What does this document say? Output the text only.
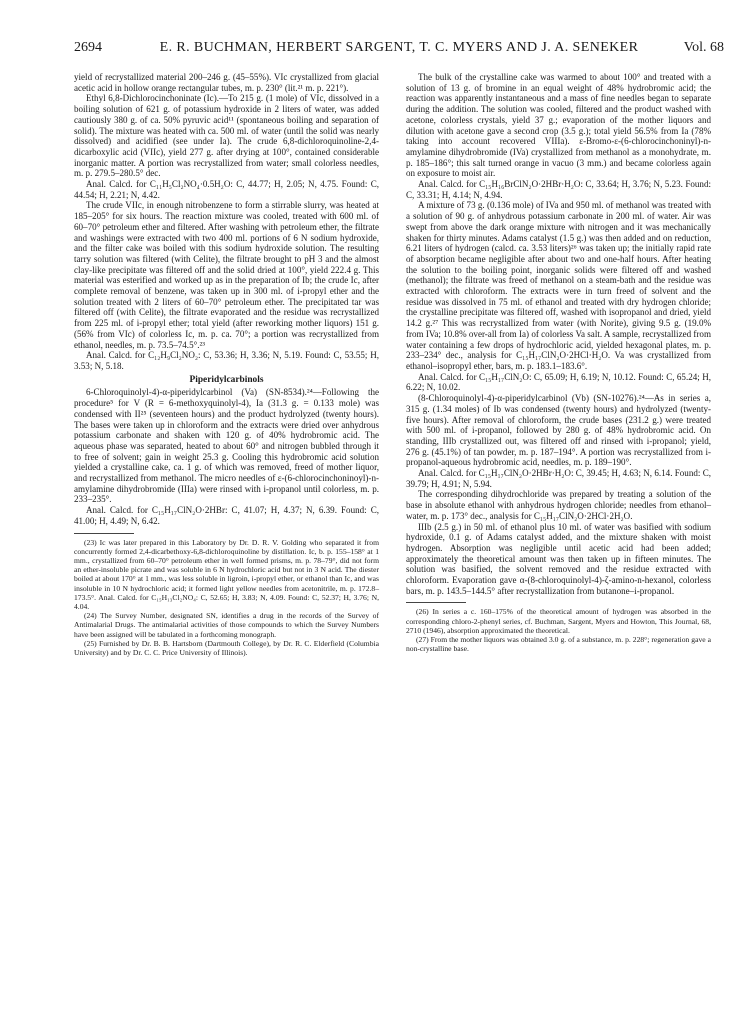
2694	E. R. BUCHMAN, HERBERT SARGENT, T. C. MYERS AND J. A. SENEKER	Vol. 68

yield of recrystallized material 200–246 g. (45–55%). VIc crystallized from glacial acetic acid in hollow orange rectangular tubes, m. p. 230° (lit.²¹ m. p. 221°).

Ethyl 6,8-Dichlorocinchoninate (Ic).—To 215 g. (1 mole) of VIc, dissolved in a boiling solution of 621 g. of potassium hydroxide in 2 liters of water, was added cautiously 380 g. of ca. 50% pyruvic acid¹¹ (spontaneous boiling and separation of solid). The mixture was heated with ca. 500 ml. of water (until the solid was nearly dissolved) and acidified (see under Ia). The crude 6,8-dichloroquinoline-2,4-dicarboxylic acid (VIIc), yield 277 g. after drying at 100°, contained considerable inorganic matter. A portion was recrystallized from water; small colorless needles, m. p. 279.5–280.5° dec.

Anal. Calcd. for C₁₁H₅Cl₂NO₄·0.5H₂O: C, 44.77; H, 2.05; N, 4.75. Found: C, 44.54; H, 2.21; N, 4.42.

The crude VIIc, in enough nitrobenzene to form a stirrable slurry, was heated at 185–205° for six hours. The reaction mixture was cooled, treated with 600 ml. of 60–70° petroleum ether and filtered. After washing with petroleum ether, the filtrate and washings were extracted with two 400 ml. portions of 6 N sodium hydroxide, and the filter cake was boiled with this sodium hydroxide solution. The resulting tarry solution was filtered (with Celite), the filtrate brought to pH 3 and the almost clay-like precipitate was filtered off and the solid dried at 100°, yield 222.4 g. This material was esterified and worked up as in the preparation of Ib; the crude Ic, after complete removal of benzene, was taken up in 300 ml. of i-propyl ether and the solution treated with 2 liters of 60–70° petroleum ether. The precipitated tar was filtered off (with Celite), the filtrate evaporated and the residue was recrystallized from 225 ml. of i-propyl ether; total yield (after reworking mother liquors) 151 g. (56% from VIc) of colorless Ic, m. p. ca. 70°; a portion was recrystallized from ethanol, needles, m. p. 73.5–74.5°.²³

Anal. Calcd. for C₁₂H₉Cl₂NO₂: C, 53.36; H, 3.36; N, 5.19. Found: C, 53.55; H, 3.53; N, 5.18.

Piperidylcarbinols

6-Chloroquinolyl-4)-α-piperidylcarbinol (Va) (SN-8534).²⁴—Following the procedure⁵ for V (R = 6-methoxyquinolyl-4), Ia (31.3 g. = 0.133 mole) was condensed with II²⁵ (seventeen hours) and the product hydrolyzed (twenty hours). The bases were taken up in chloroform and the extracts were dried over anhydrous potassium carbonate and shaken with 120 g. of 40% hydrobromic acid. The aqueous phase was separated, heated to about 60° and nitrogen bubbled through it to free of solvent; gain in weight 25.3 g. Cooling this hydrobromic acid solution yielded a crystalline cake, ca. 1 g. of which was removed, freed of mother liquor, and recrystallized from methanol. The micro needles of ε-(6-chlorocinchoninoyl)-n-amylamine dihydrobromide (IIIa) were rinsed with i-propanol until colorless, m. p. 233–235°.

Anal. Calcd. for C₁₅H₁₇ClN₂O·2HBr: C, 41.07; H, 4.37; N, 6.39. Found: C, 41.00; H, 4.49; N, 6.42.

(23) Ic was later prepared in this Laboratory by Dr. D. R. V. Golding who separated it from concurrently formed 2,4-dicarbethoxy-6,8-dichloroquinoline by distillation. Ic, b. p. 155–158° at 1 mm., crystallized from 60–70° petroleum ether in well formed prisms, m. p. 78–79°, did not form an ether-insoluble picrate and was soluble in 6 N hydrochloric acid but not in 3 N acid. The diester boiled at about 170° at 1 mm., was less soluble in ligroin, i-propyl ether, or ethanol than Ic, and was insoluble in 10 N hydrochloric acid; it formed light yellow needles from acetonitrile, m. p. 172.8–173.5°. Anal. Calcd. for C₁₅H₁₃Cl₂NO₄: C, 52.65; H, 3.83; N, 4.09. Found: C, 52.37; H, 3.76; N, 4.04.

(24) The Survey Number, designated SN, identifies a drug in the records of the Survey of Antimalarial Drugs. The antimalarial activities of those compounds to which the Survey Numbers have been assigned will be tabulated in a forthcoming monograph.

(25) Furnished by Dr. B. B. Hartsborn (Dartmouth College), by Dr. R. C. Elderfield (Columbia University) and by Dr. C. C. Price University of Illinois).

The bulk of the crystalline cake was warmed to about 100° and treated with a solution of 13 g. of bromine in an equal weight of 48% hydrobromic acid; the reaction was apparently instantaneous and a mass of fine needles began to separate during the addition. The solution was cooled, filtered and the product washed with acetone, colorless crystals, yield 37 g.; evaporation of the mother liquors and dilution with acetone gave a second crop (3.5 g.); total yield 56.5% from Ia (78% taking into account recovered VIIIa). ε-Bromo-ε-(6-chlorocinchoninyl)-n-amylamine dihydrobromide (IVa) crystallized from methanol as a monohydrate, m. p. 185–186°; this salt turned orange in vacuo (3 mm.) and became colorless again on exposure to moist air.

Anal. Calcd. for C₁₅H₁₆BrClN₂O·2HBr·H₂O: C, 33.64; H, 3.76; N, 5.23. Found: C, 33.31; H, 4.14; N, 4.94.

A mixture of 73 g. (0.136 mole) of IVa and 950 ml. of methanol was treated with a solution of 90 g. of anhydrous potassium carbonate in 200 ml. of water. Air was swept from above the dark orange mixture with nitrogen and it was mechanically shaken for thirty minutes. Adams catalyst (1.5 g.) was then added and on reduction, 6.21 liters of hydrogen (calcd. ca. 3.53 liters)²⁶ was taken up; the initially rapid rate of absorption became negligible after about two and one-half hours. After heating the solution to the boiling point, inorganic solids were filtered off and washed (methanol); the filtrate was freed of methanol on a steam-bath and the residue was extracted with chloroform. The extracts were in turn freed of solvent and the residue was dissolved in 75 ml. of ethanol and treated with dry hydrogen chloride; the crystalline precipitate was filtered off, washed with isopropanol and dried, yield 14.2 g.²⁷ This was recrystallized from water (with Norite), giving 9.5 g. (19.0% from IVa; 10.8% over-all from Ia) of colorless Va salt. A sample, recrystallized from water containing a few drops of hydrochloric acid, yielded hexagonal plates, m. p. 233–234° dec., analysis for C₁₅H₁₇ClN₂O·2HCl·H₂O. Va was crystallized from ethanol–isopropyl ether, bars, m. p. 183.1–183.6°.

Anal. Calcd. for C₁₅H₁₇ClN₂O: C, 65.09; H, 6.19; N, 10.12. Found: C, 65.24; H, 6.22; N, 10.02.

(8-Chloroquinolyl-4)-α-piperidylcarbinol (Vb) (SN-10276).²⁴—As in series a, 315 g. (1.34 moles) of Ib was condensed (twenty hours) and hydrolyzed (twenty-five hours). After removal of chloroform, the crude bases (231.2 g.) were treated with 500 ml. of i-propanol, followed by 280 g. of 48% hydrobromic acid. On standing, IIIb crystallized out, was filtered off and rinsed with i-propanol; yield, 276 g. (45.1%) of tan powder, m. p. 187–194°. A portion was recrystallized from i-propanol-aqueous hydrobromic acid, needles, m. p. 189–190°.

Anal. Calcd. for C₁₅H₁₇ClN₂O·2HBr·H₂O: C, 39.45; H, 4.63; N, 6.14. Found: C, 39.79; H, 4.91; N, 5.94.

The corresponding dihydrochloride was prepared by treating a solution of the base in absolute ethanol with anhydrous hydrogen chloride; needles from ethanol–water, m. p. 173° dec., analysis for C₁₅H₁₇ClN₂O·2HCl·2H₂O.

IIIb (2.5 g.) in 50 ml. of ethanol plus 10 ml. of water was basified with sodium hydroxide, 0.1 g. of Adams catalyst added, and the mixture shaken with moist hydrogen. Absorption was negligible until acetic acid had been added; approximately the theoretical amount was then taken up in fifteen minutes. The solution was basified, the solvent removed and the residue extracted with chloroform. Evaporation gave α-(8-chloroquinolyl-4)-ζ-amino-n-hexanol, colorless bars, m. p. 143.5–144.5° after recrystallization from butanone–i-propanol.

(26) In series a c. 160–175% of the theoretical amount of hydrogen was absorbed in the corresponding chloro-2-phenyl series, cf. Buchman, Sargent, Myers and Howton, This Journal, 68, 2710 (1946), absorption approximated the theoretical.

(27) From the mother liquors was obtained 3.0 g. of a substance, m. p. 228°; regeneration gave a non-crystalline base.
